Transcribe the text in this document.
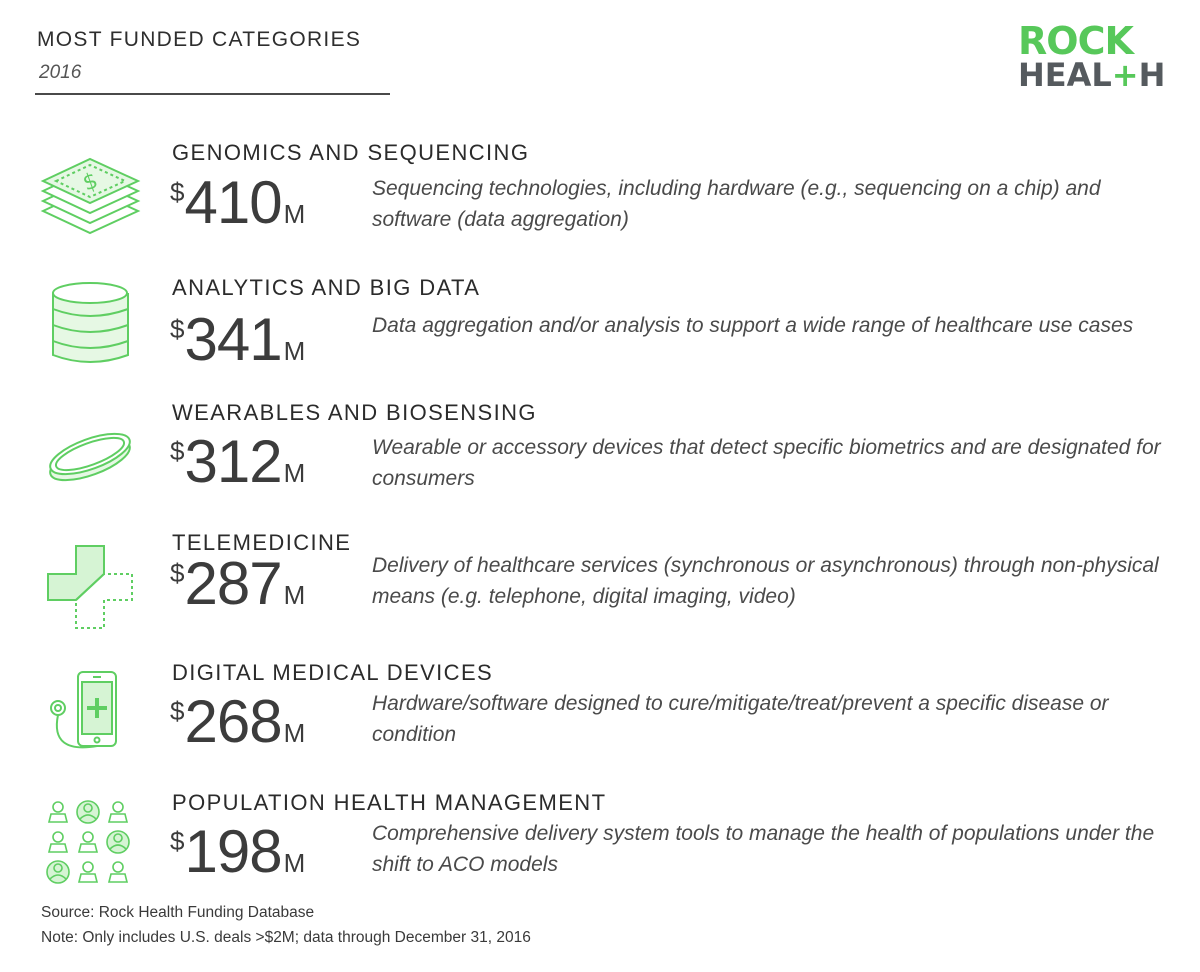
MOST FUNDED CATEGORIES
2016
ROCK
HEAL+H
$
GENOMICS AND SEQUENCING
$410M
Sequencing technologies, including hardware (e.g., sequencing on a chip) and software (data aggregation)
ANALYTICS AND BIG DATA
$341M
Data aggregation and/or analysis to support a wide range of healthcare use cases
WEARABLES AND BIOSENSING
$312M
Wearable or accessory devices that detect specific biometrics and are designated for consumers
TELEMEDICINE
$287M
Delivery of healthcare services (synchronous or asynchronous) through non-physical means (e.g. telephone, digital imaging, video)
DIGITAL MEDICAL DEVICES
$268M
Hardware/software designed to cure/mitigate/treat/prevent a specific disease or condition
POPULATION HEALTH MANAGEMENT
$198M
Comprehensive delivery system tools to manage the health of populations under the shift to ACO models
Source: Rock Health Funding Database
Note: Only includes U.S. deals >$2M; data through December 31, 2016
